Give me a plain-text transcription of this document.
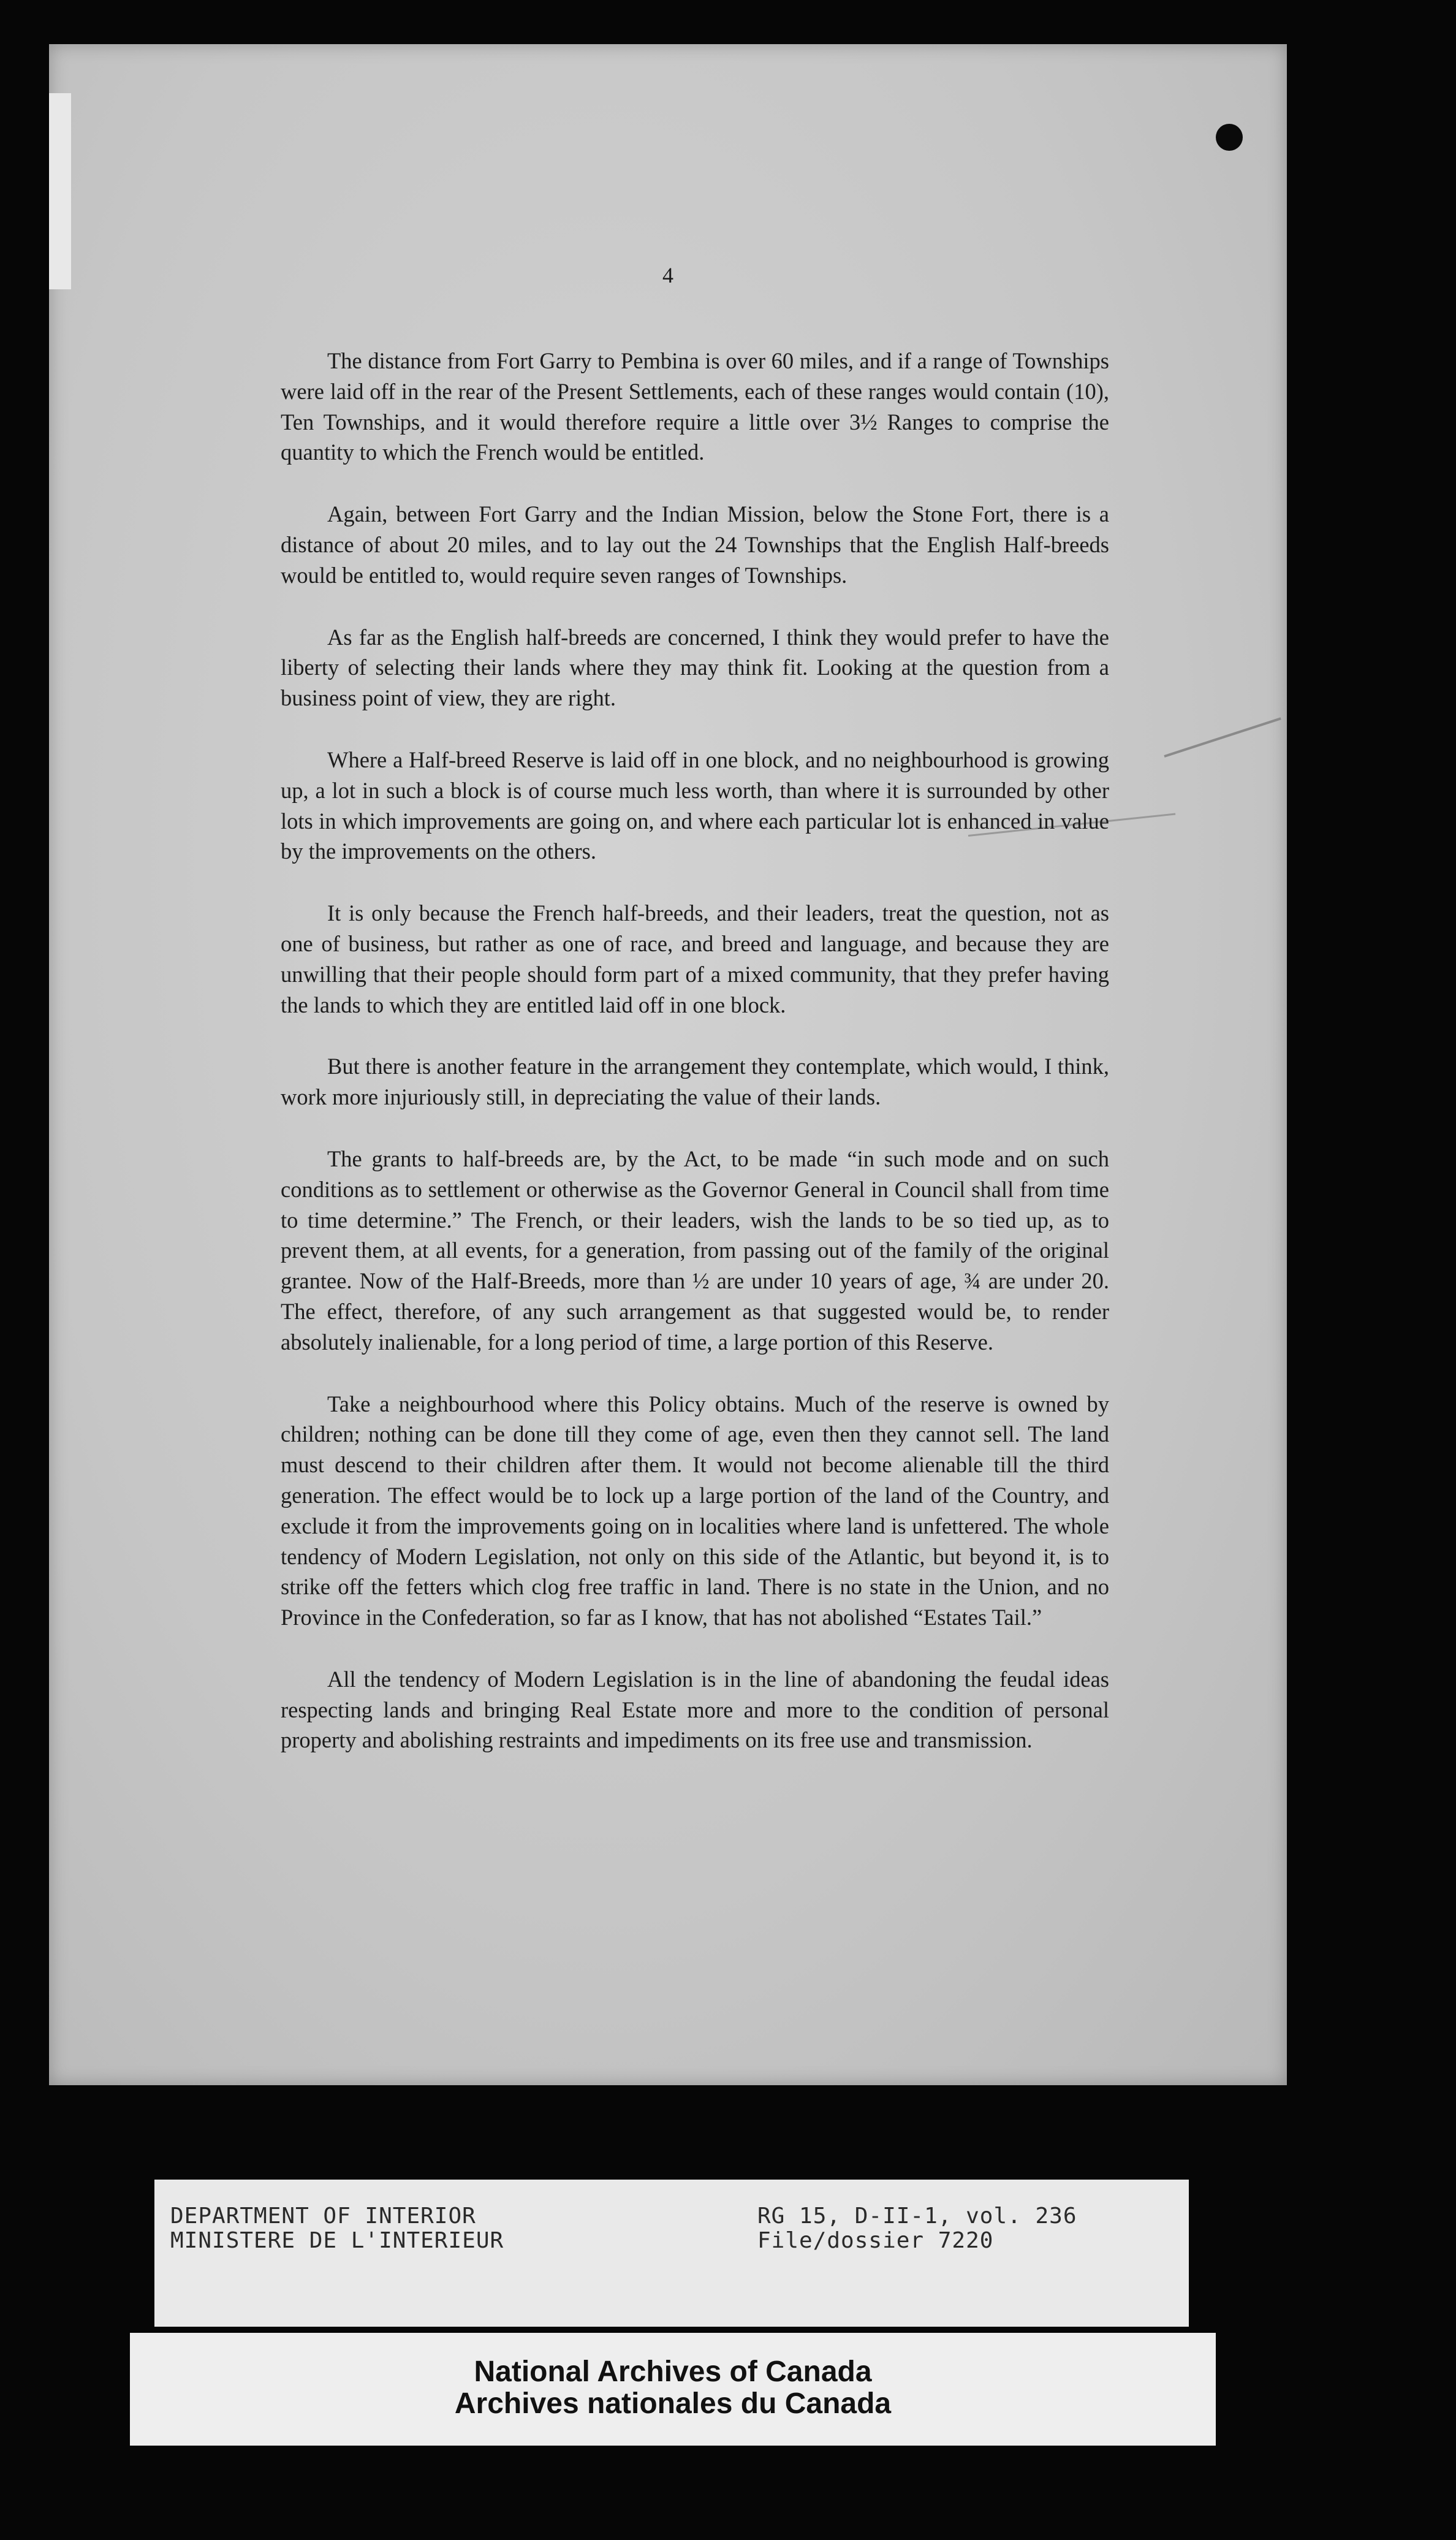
4

The distance from Fort Garry to Pembina is over 60 miles, and if a range of Townships were laid off in the rear of the Present Settlements, each of these ranges would contain (10), Ten Townships, and it would therefore require a little over 3½ Ranges to comprise the quantity to which the French would be entitled.

Again, between Fort Garry and the Indian Mission, below the Stone Fort, there is a distance of about 20 miles, and to lay out the 24 Townships that the English Half-breeds would be entitled to, would require seven ranges of Townships.

As far as the English half-breeds are concerned, I think they would prefer to have the liberty of selecting their lands where they may think fit. Looking at the question from a business point of view, they are right.

Where a Half-breed Reserve is laid off in one block, and no neighbourhood is growing up, a lot in such a block is of course much less worth, than where it is surrounded by other lots in which improvements are going on, and where each particular lot is enhanced in value by the improvements on the others.

It is only because the French half-breeds, and their leaders, treat the question, not as one of business, but rather as one of race, and breed and language, and because they are unwilling that their people should form part of a mixed community, that they prefer having the lands to which they are entitled laid off in one block.

But there is another feature in the arrangement they contemplate, which would, I think, work more injuriously still, in depreciating the value of their lands.

The grants to half-breeds are, by the Act, to be made “in such mode and on such conditions as to settlement or otherwise as the Governor General in Council shall from time to time determine.” The French, or their leaders, wish the lands to be so tied up, as to prevent them, at all events, for a generation, from passing out of the family of the original grantee. Now of the Half-Breeds, more than ½ are under 10 years of age, ¾ are under 20. The effect, therefore, of any such arrangement as that suggested would be, to render absolutely inalienable, for a long period of time, a large portion of this Reserve.

Take a neighbourhood where this Policy obtains. Much of the reserve is owned by children; nothing can be done till they come of age, even then they cannot sell. The land must descend to their children after them. It would not become alienable till the third generation. The effect would be to lock up a large portion of the land of the Country, and exclude it from the improvements going on in localities where land is unfettered. The whole tendency of Modern Legislation, not only on this side of the Atlantic, but beyond it, is to strike off the fetters which clog free traffic in land. There is no state in the Union, and no Province in the Confederation, so far as I know, that has not abolished “Estates Tail.”

All the tendency of Modern Legislation is in the line of abandoning the feudal ideas respecting lands and bringing Real Estate more and more to the condition of personal property and abolishing restraints and impediments on its free use and transmission.

DEPARTMENT OF INTERIOR
MINISTERE DE L'INTERIEUR
RG 15, D-II-1, vol. 236
File/dossier 7220
National Archives of Canada
Archives nationales du Canada
